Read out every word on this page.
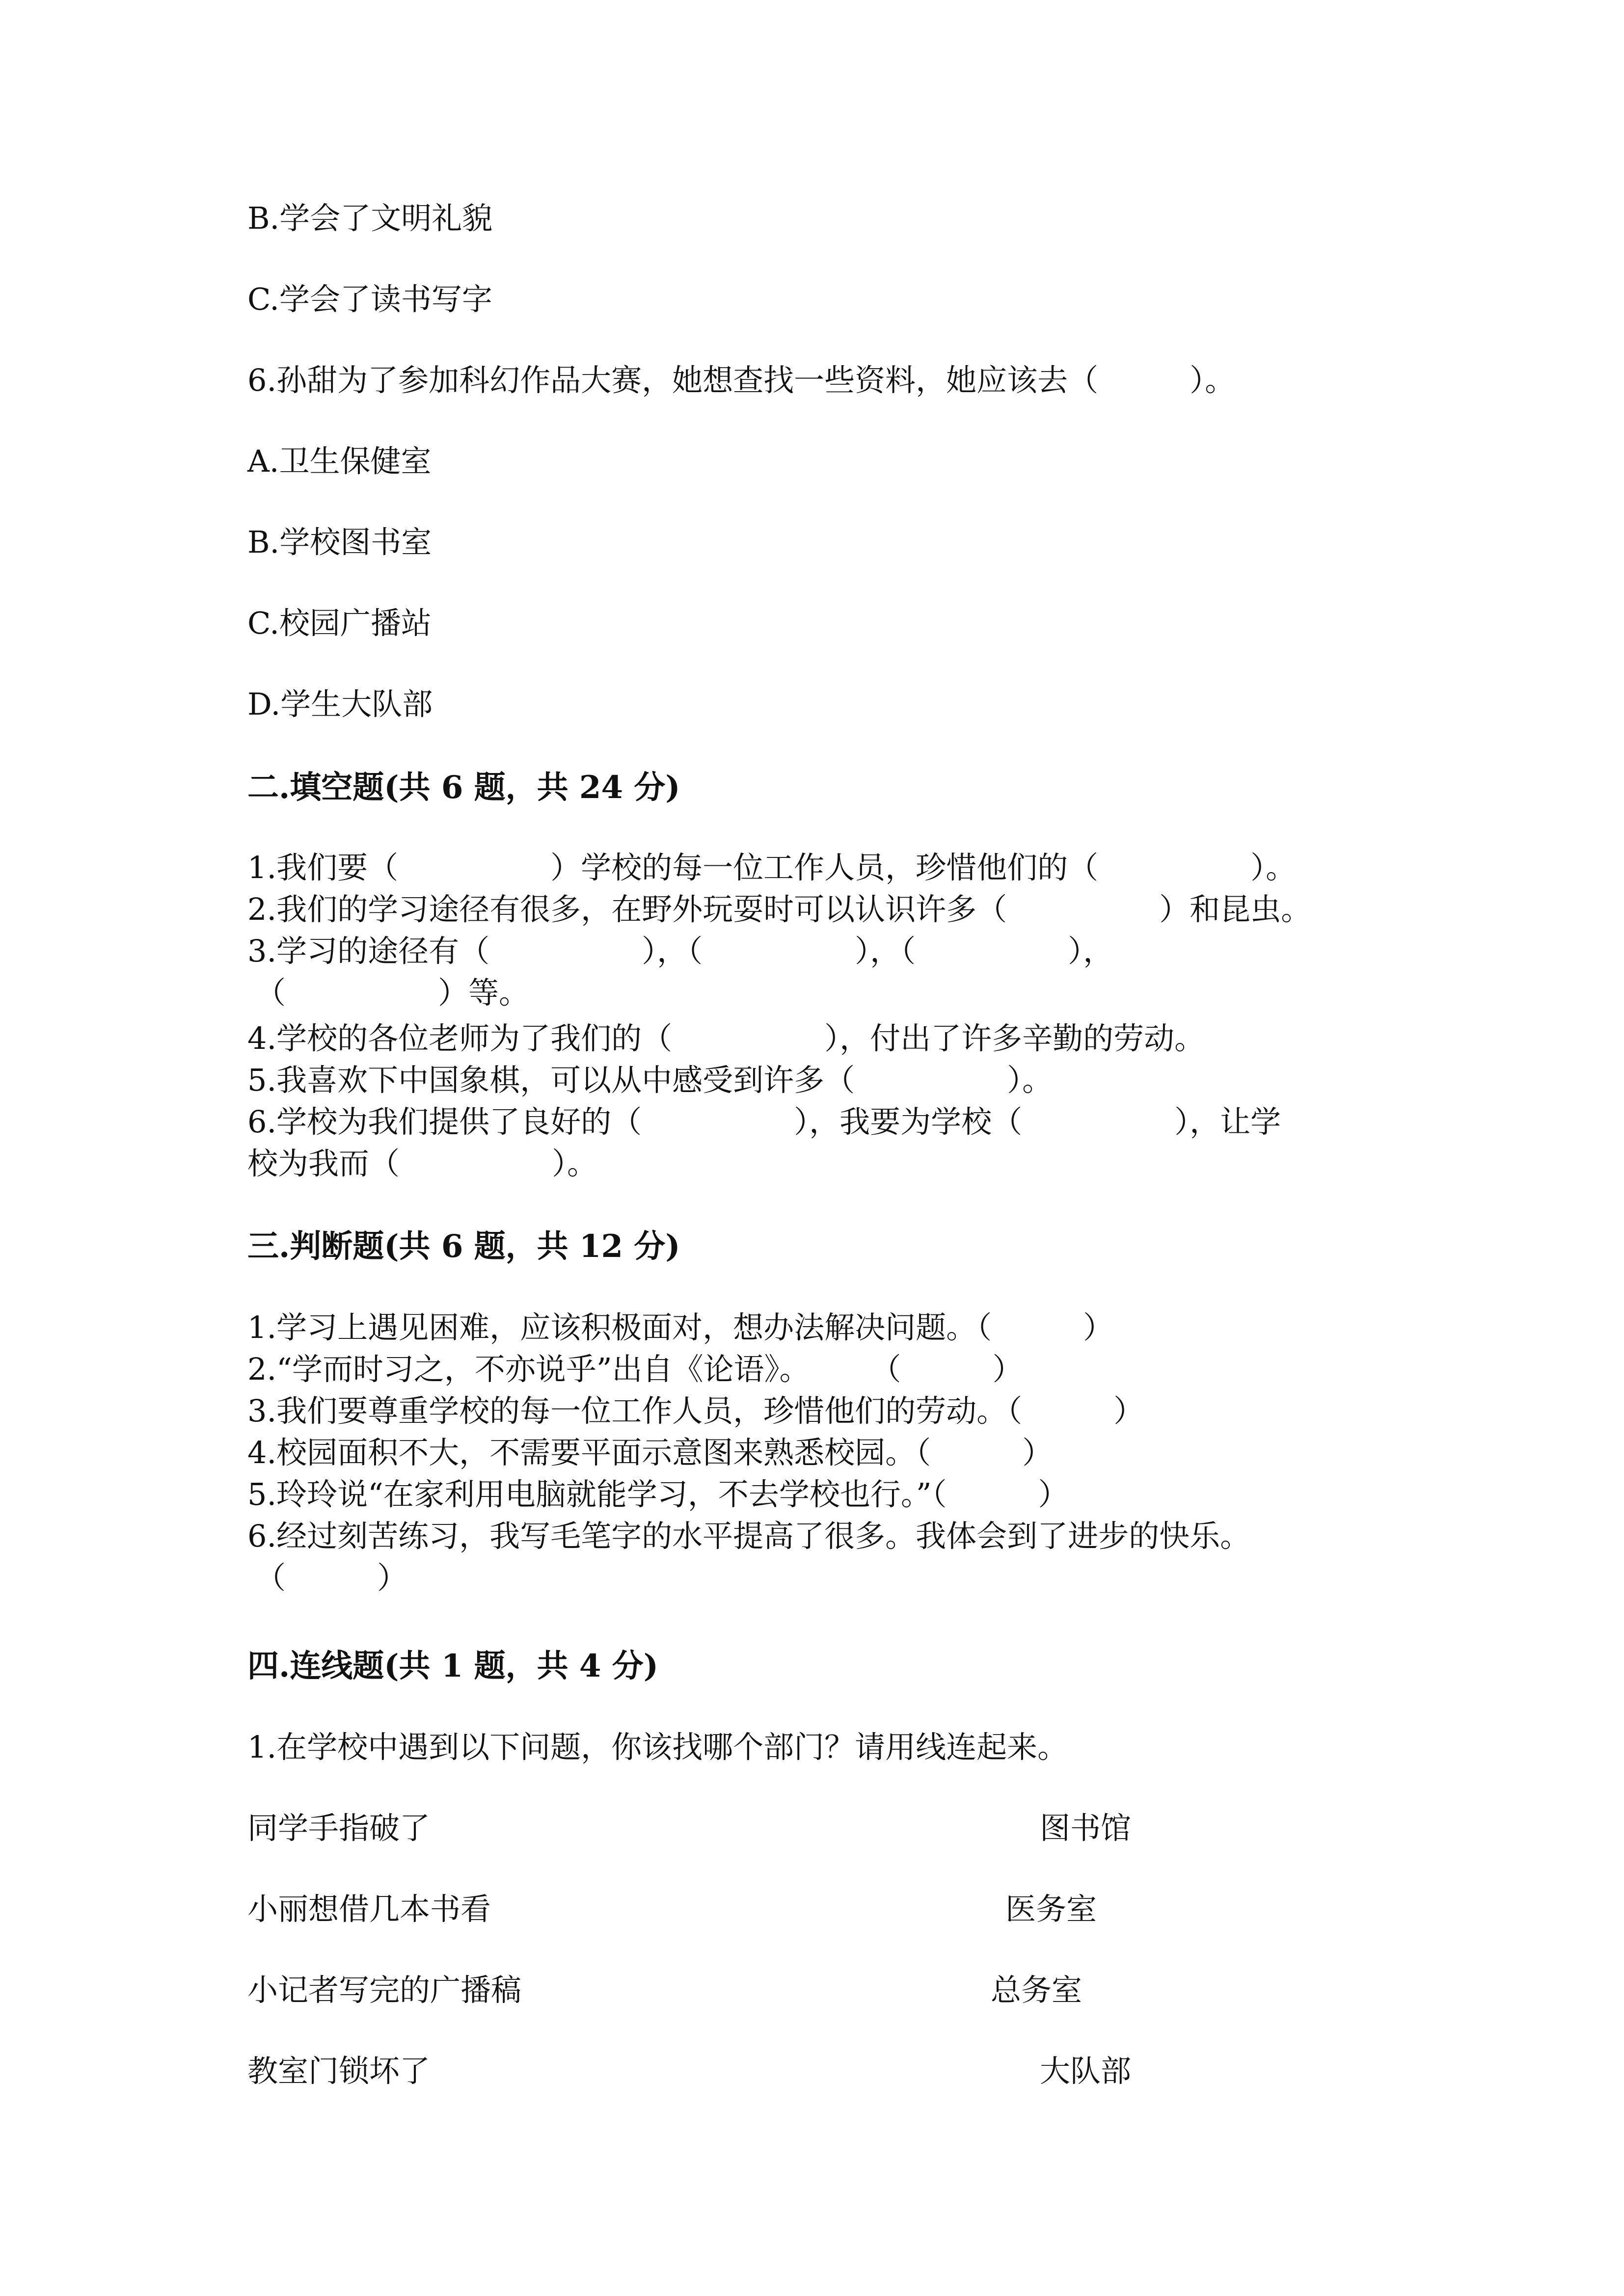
B.学会了文明礼貌
C.学会了读书写字
6.孙甜为了参加科幻作品大赛，她想查找一些资料，她应该去（　　　）。
A.卫生保健室
B.学校图书室
C.校园广播站
D.学生大队部
二.填空题(共 6 题，共 24 分)
1.我们要（　　　　　）学校的每一位工作人员，珍惜他们的（　　　　　）。
2.我们的学习途径有很多，在野外玩耍时可以认识许多（　　　　　）和昆虫。
3.学习的途径有（　　　　　），（　　　　　），（　　　　　），
（　　　　　）等。
4.学校的各位老师为了我们的（　　　　　），付出了许多辛勤的劳动。
5.我喜欢下中国象棋，可以从中感受到许多（　　　　　）。
6.学校为我们提供了良好的（　　　　　），我要为学校（　　　　　），让学
校为我而（　　　　　）。
三.判断题(共 6 题，共 12 分)
1.学习上遇见困难，应该积极面对，想办法解决问题。（　　　）
2.“学而时习之，不亦说乎”出自《论语》。　　　（　　　）
3.我们要尊重学校的每一位工作人员，珍惜他们的劳动。（　　　）
4.校园面积不大，不需要平面示意图来熟悉校园。（　　　）
5.玲玲说“在家利用电脑就能学习，不去学校也行。”（　　　）
6.经过刻苦练习，我写毛笔字的水平提高了很多。我体会到了进步的快乐。
（　　　）
四.连线题(共 1 题，共 4 分)
1.在学校中遇到以下问题，你该找哪个部门？请用线连起来。
同学手指破了	图书馆
小丽想借几本书看	医务室
小记者写完的广播稿	总务室
教室门锁坏了	大队部
